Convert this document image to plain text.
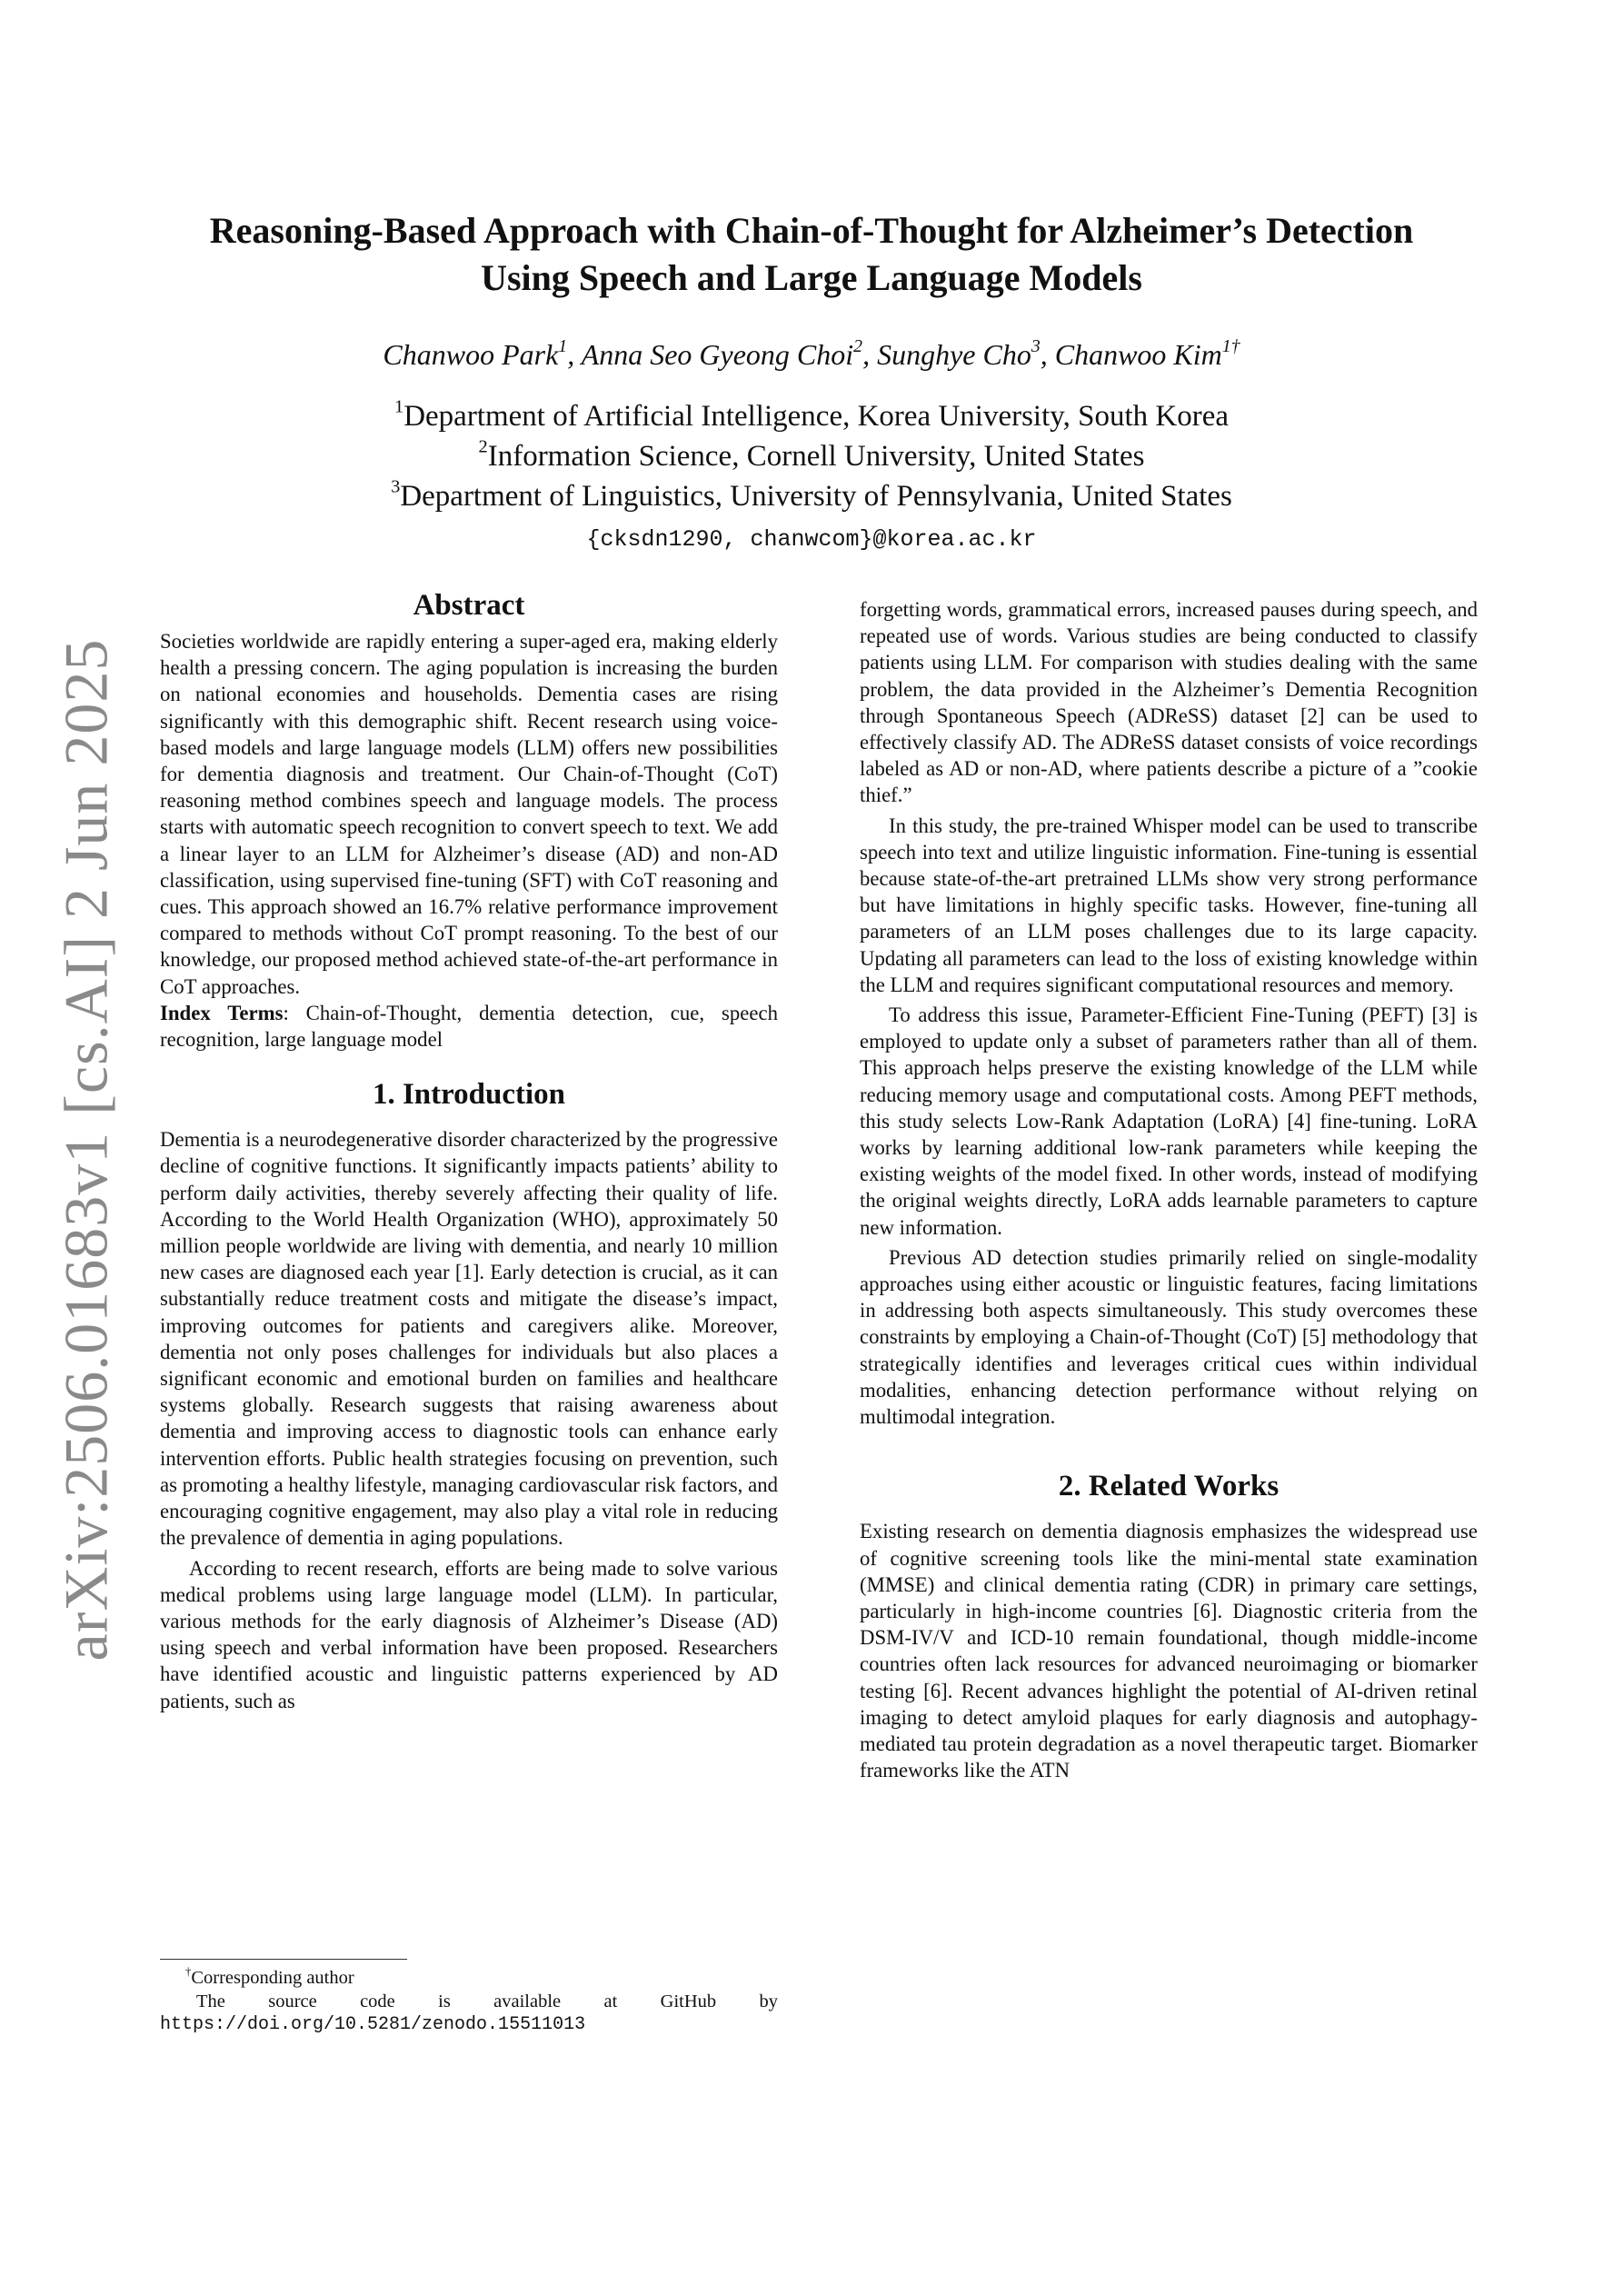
arXiv:2506.01683v1 [cs.AI] 2 Jun 2025
Reasoning-Based Approach with Chain-of-Thought for Alzheimer’s Detection
Using Speech and Large Language Models
Chanwoo Park$^1$, Anna Seo Gyeong Choi$^2$, Sunghye Cho$^3$, Chanwoo Kim$^{1\dagger}$
$^1$Department of Artificial Intelligence, Korea University, South Korea
$^2$Information Science, Cornell University, United States
$^3$Department of Linguistics, University of Pennsylvania, United States
{cksdn1290, chanwcom}@korea.ac.kr
Abstract

Societies worldwide are rapidly entering a super-aged era, making elderly health a pressing concern. The aging population is increasing the burden on national economies and households. Dementia cases are rising significantly with this demographic shift. Recent research using voice-based models and large language models (LLM) offers new possibilities for dementia diagnosis and treatment. Our Chain-of-Thought (CoT) reasoning method combines speech and language models. The process starts with automatic speech recognition to convert speech to text. We add a linear layer to an LLM for Alzheimer’s disease (AD) and non-AD classification, using supervised fine-tuning (SFT) with CoT reasoning and cues. This approach showed an 16.7% relative performance improvement compared to methods without CoT prompt reasoning. To the best of our knowledge, our proposed method achieved state-of-the-art performance in CoT approaches.

Index Terms: Chain-of-Thought, dementia detection, cue, speech recognition, large language model

1. Introduction

Dementia is a neurodegenerative disorder characterized by the progressive decline of cognitive functions. It significantly impacts patients’ ability to perform daily activities, thereby severely affecting their quality of life. According to the World Health Organization (WHO), approximately 50 million people worldwide are living with dementia, and nearly 10 million new cases are diagnosed each year [1]. Early detection is crucial, as it can substantially reduce treatment costs and mitigate the disease’s impact, improving outcomes for patients and caregivers alike. Moreover, dementia not only poses challenges for individuals but also places a significant economic and emotional burden on families and healthcare systems globally. Research suggests that raising awareness about dementia and improving access to diagnostic tools can enhance early intervention efforts. Public health strategies focusing on prevention, such as promoting a healthy lifestyle, managing cardiovascular risk factors, and encouraging cognitive engagement, may also play a vital role in reducing the prevalence of dementia in aging populations.

According to recent research, efforts are being made to solve various medical problems using large language model (LLM). In particular, various methods for the early diagnosis of Alzheimer’s Disease (AD) using speech and verbal information have been proposed. Researchers have identified acoustic and linguistic patterns experienced by AD patients, such as

†Corresponding author
The source code is available at GitHub by
https://doi.org/10.5281/zenodo.15511013

forgetting words, grammatical errors, increased pauses during speech, and repeated use of words. Various studies are being conducted to classify patients using LLM. For comparison with studies dealing with the same problem, the data provided in the Alzheimer’s Dementia Recognition through Spontaneous Speech (ADReSS) dataset [2] can be used to effectively classify AD. The ADReSS dataset consists of voice recordings labeled as AD or non-AD, where patients describe a picture of a ”cookie thief.”

In this study, the pre-trained Whisper model can be used to transcribe speech into text and utilize linguistic information. Fine-tuning is essential because state-of-the-art pretrained LLMs show very strong performance but have limitations in highly specific tasks. However, fine-tuning all parameters of an LLM poses challenges due to its large capacity. Updating all parameters can lead to the loss of existing knowledge within the LLM and requires significant computational resources and memory.

To address this issue, Parameter-Efficient Fine-Tuning (PEFT) [3] is employed to update only a subset of parameters rather than all of them. This approach helps preserve the existing knowledge of the LLM while reducing memory usage and computational costs. Among PEFT methods, this study selects Low-Rank Adaptation (LoRA) [4] fine-tuning. LoRA works by learning additional low-rank parameters while keeping the existing weights of the model fixed. In other words, instead of modifying the original weights directly, LoRA adds learnable parameters to capture new information.

Previous AD detection studies primarily relied on single-modality approaches using either acoustic or linguistic features, facing limitations in addressing both aspects simultaneously. This study overcomes these constraints by employing a Chain-of-Thought (CoT) [5] methodology that strategically identifies and leverages critical cues within individual modalities, enhancing detection performance without relying on multimodal integration.

2. Related Works

Existing research on dementia diagnosis emphasizes the widespread use of cognitive screening tools like the mini-mental state examination (MMSE) and clinical dementia rating (CDR) in primary care settings, particularly in high-income countries [6]. Diagnostic criteria from the DSM-IV/V and ICD-10 remain foundational, though middle-income countries often lack resources for advanced neuroimaging or biomarker testing [6]. Recent advances highlight the potential of AI-driven retinal imaging to detect amyloid plaques for early diagnosis and autophagy-mediated tau protein degradation as a novel therapeutic target. Biomarker frameworks like the ATN
